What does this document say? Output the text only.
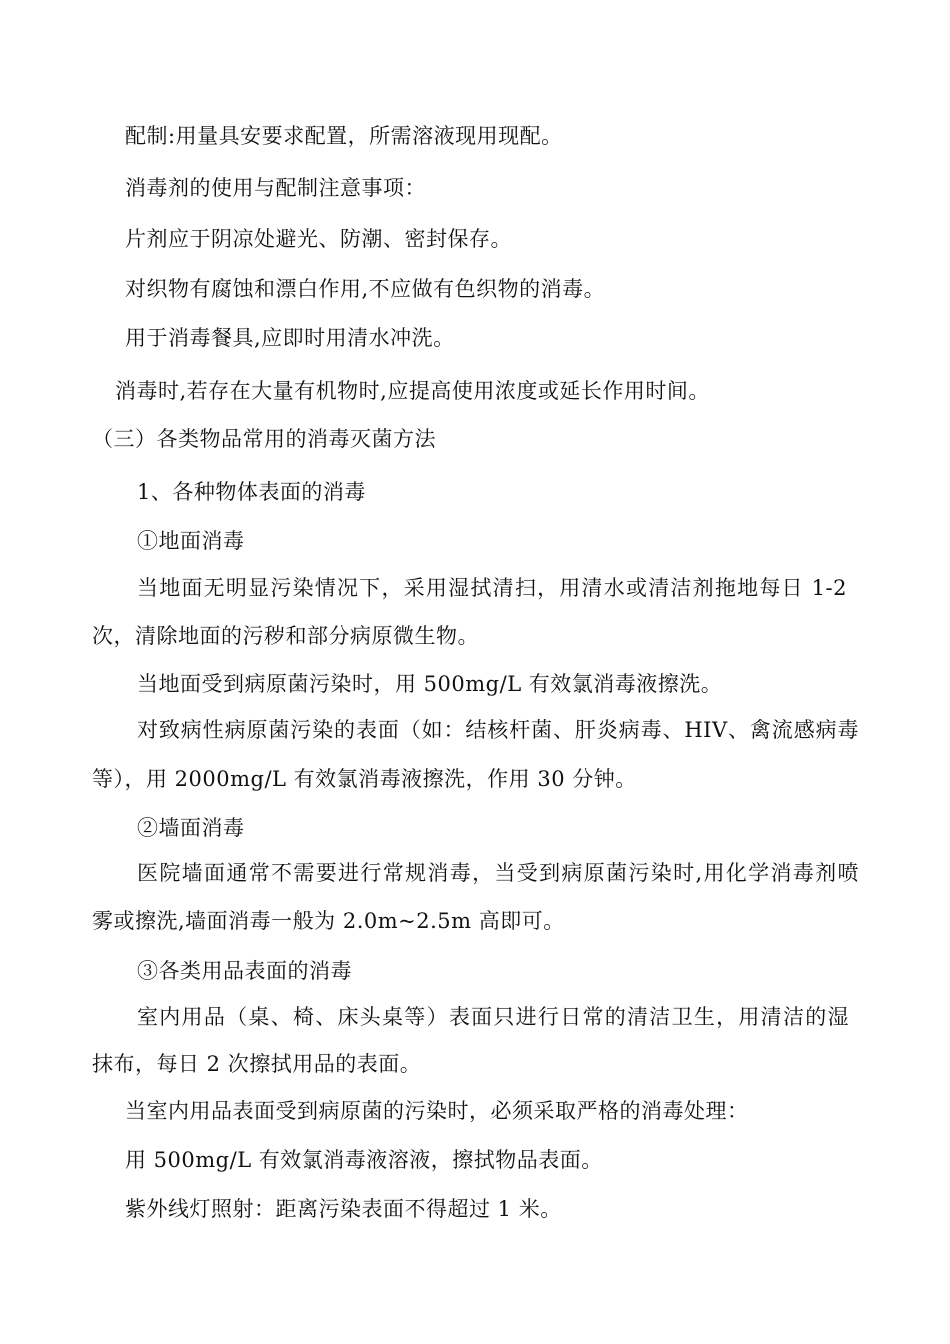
配制:用量具安要求配置，所需溶液现用现配。
消毒剂的使用与配制注意事项：
片剂应于阴凉处避光、防潮、密封保存。
对织物有腐蚀和漂白作用,不应做有色织物的消毒。
用于消毒餐具,应即时用清水冲洗。
消毒时,若存在大量有机物时,应提高使用浓度或延长作用时间。
（三）各类物品常用的消毒灭菌方法
1、各种物体表面的消毒
①地面消毒
当地面无明显污染情况下，采用湿拭清扫，用清水或清洁剂拖地每日 1-2
次，清除地面的污秽和部分病原微生物。
当地面受到病原菌污染时，用 500mg/L 有效氯消毒液擦洗。
对致病性病原菌污染的表面（如：结核杆菌、肝炎病毒、HIV、禽流感病毒
等），用 2000mg/L 有效氯消毒液擦洗，作用 30 分钟。
②墙面消毒
医院墙面通常不需要进行常规消毒，当受到病原菌污染时,用化学消毒剂喷
雾或擦洗,墙面消毒一般为 2.0m~2.5m 高即可。
③各类用品表面的消毒
室内用品（桌、椅、床头桌等）表面只进行日常的清洁卫生，用清洁的湿
抹布，每日 2 次擦拭用品的表面。
当室内用品表面受到病原菌的污染时，必须采取严格的消毒处理：
用 500mg/L 有效氯消毒液溶液，擦拭物品表面。
紫外线灯照射：距离污染表面不得超过 1 米。
